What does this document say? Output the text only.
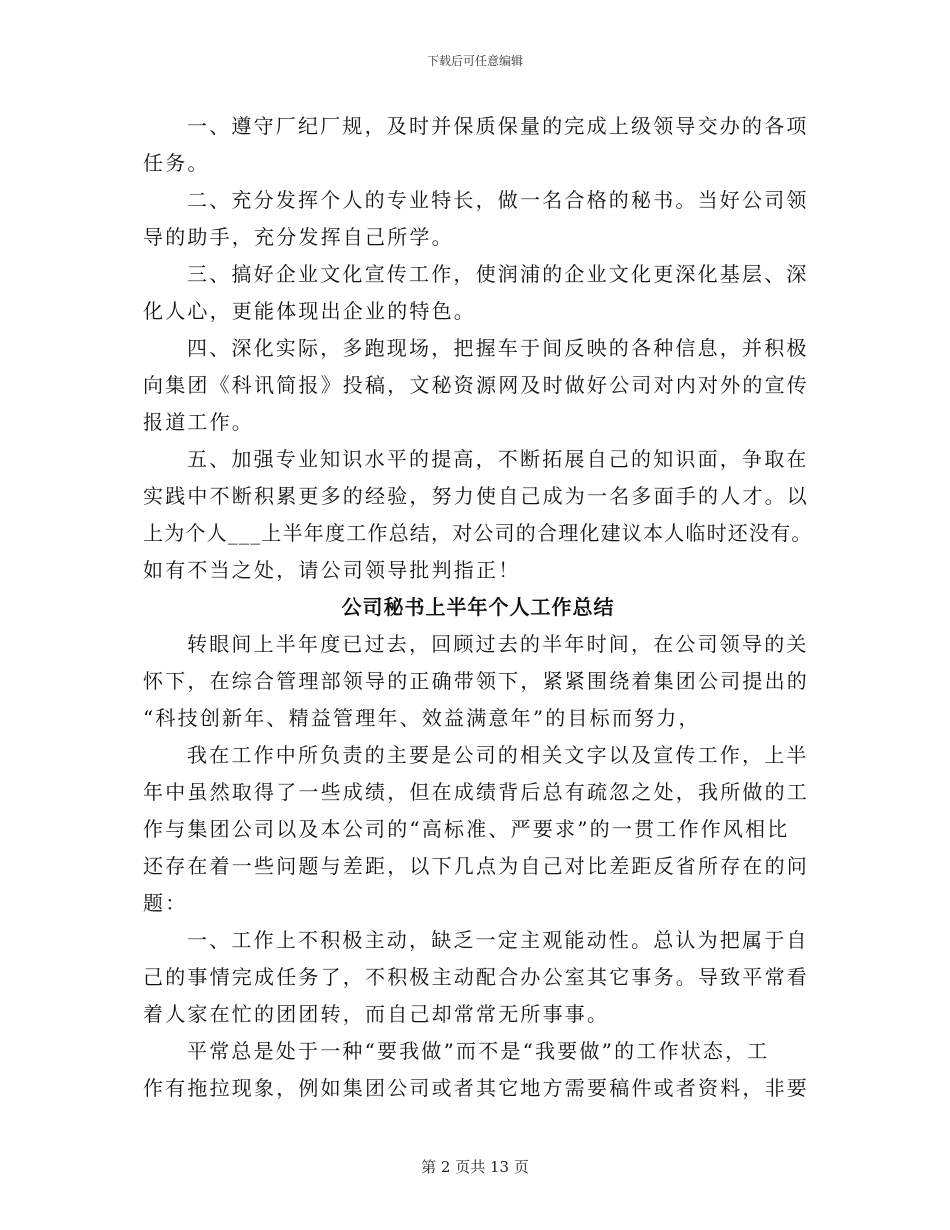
下载后可任意编辑
一、遵守厂纪厂规，及时并保质保量的完成上级领导交办的各项
任务。
二、充分发挥个人的专业特长，做一名合格的秘书。当好公司领
导的助手，充分发挥自己所学。
三、搞好企业文化宣传工作，使润浦的企业文化更深化基层、深
化人心，更能体现出企业的特色。
四、深化实际，多跑现场，把握车于间反映的各种信息，并积极
向集团《科讯简报》投稿，文秘资源网及时做好公司对内对外的宣传
报道工作。
五、加强专业知识水平的提高，不断拓展自己的知识面，争取在
实践中不断积累更多的经验，努力使自己成为一名多面手的人才。以
上为个人___上半年度工作总结，对公司的合理化建议本人临时还没有。
如有不当之处，请公司领导批判指正！
公司秘书上半年个人工作总结
转眼间上半年度已过去，回顾过去的半年时间，在公司领导的关
怀下，在综合管理部领导的正确带领下，紧紧围绕着集团公司提出的
“科技创新年、精益管理年、效益满意年”的目标而努力，
我在工作中所负责的主要是公司的相关文字以及宣传工作，上半
年中虽然取得了一些成绩，但在成绩背后总有疏忽之处，我所做的工
作与集团公司以及本公司的“高标准、严要求”的一贯工作作风相比
还存在着一些问题与差距，以下几点为自己对比差距反省所存在的问
题：
一、工作上不积极主动，缺乏一定主观能动性。总认为把属于自
己的事情完成任务了，不积极主动配合办公室其它事务。导致平常看
着人家在忙的团团转，而自己却常常无所事事。
平常总是处于一种“要我做”而不是“我要做”的工作状态，工
作有拖拉现象，例如集团公司或者其它地方需要稿件或者资料，非要
第 2 页共 13 页
